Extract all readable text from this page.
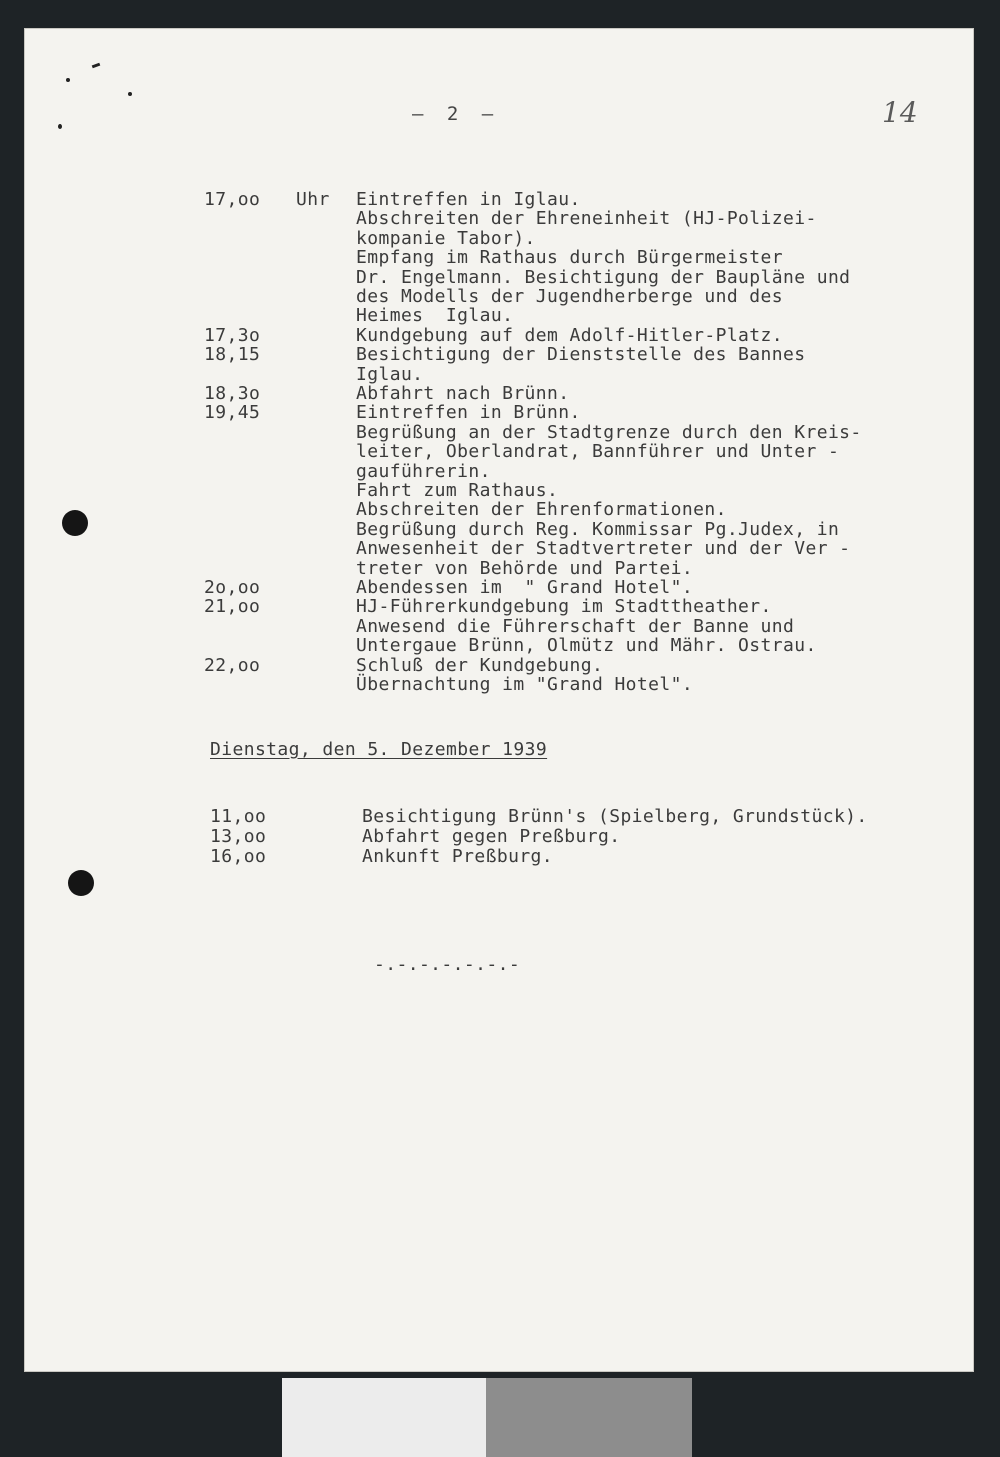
– 2 –	14
17,oo	Uhr Eintreffen in Iglau.
Abschreiten der Ehreneinheit (HJ-Polizei-
kompanie Tabor).
Empfang im Rathaus durch Bürgermeister
Dr. Engelmann. Besichtigung der Baupläne und
des Modells der Jugendherberge und des
Heimes  Iglau.
17,3o	Kundgebung auf dem Adolf-Hitler-Platz.
18,15	Besichtigung der Dienststelle des Bannes
Iglau.
18,3o	Abfahrt nach Brünn.
19,45	Eintreffen in Brünn.
Begrüßung an der Stadtgrenze durch den Kreis-
leiter, Oberlandrat, Bannführer und Unter -
gauführerin.
Fahrt zum Rathaus.
Abschreiten der Ehrenformationen.
Begrüßung durch Reg. Kommissar Pg.Judex, in
Anwesenheit der Stadtvertreter und der Ver -
treter von Behörde und Partei.
2o,oo	Abendessen im  " Grand Hotel".
21,oo	HJ-Führerkundgebung im Stadttheather.
Anwesend die Führerschaft der Banne und
Untergaue Brünn, Olmütz und Mähr. Ostrau.
22,oo	Schluß der Kundgebung.
Übernachtung im "Grand Hotel".
Dienstag, den 5. Dezember 1939
11,oo	Besichtigung Brünn's (Spielberg, Grundstück).
13,oo	Abfahrt gegen Preßburg.
16,oo	Ankunft Preßburg.
-.-.-.-.-.-.-
